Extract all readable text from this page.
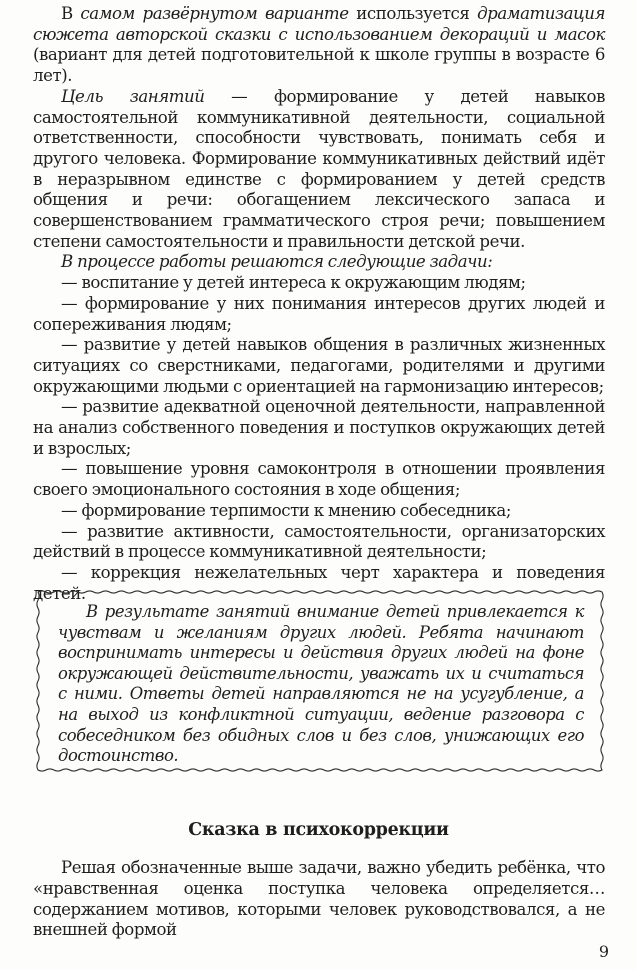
В самом развёрнутом варианте используется драматизация сюжета авторской сказки с использованием декораций и масок (вариант для детей подготовительной к школе группы в возрасте 6 лет).

Цель занятий — формирование у детей навыков самостоятельной коммуникативной деятельности, социальной ответственности, способности чувствовать, понимать себя и другого человека. Формирование коммуникативных действий идёт в неразрывном единстве с формированием у детей средств общения и речи: обогащением лексического запаса и совершенствованием грамматического строя речи; повышением степени самостоятельности и правильности детской речи.

В процессе работы решаются следующие задачи:

— воспитание у детей интереса к окружающим людям;

— формирование у них понимания интересов других людей и сопереживания людям;

— развитие у детей навыков общения в различных жизненных ситуациях со сверстниками, педагогами, родителями и другими окружающими людьми с ориентацией на гармонизацию интересов;

— развитие адекватной оценочной деятельности, направленной на анализ собственного поведения и поступков окружающих детей и взрослых;

— повышение уровня самоконтроля в отношении проявления своего эмоционального состояния в ходе общения;

— формирование терпимости к мнению собеседника;

— развитие активности, самостоятельности, организаторских действий в процессе коммуникативной деятельности;

— коррекция нежелательных черт характера и поведения детей.

В результате занятий внимание детей привлекается к чувствам и желаниям других людей. Ребята начинают воспринимать интересы и действия других людей на фоне окружающей действительности, уважать их и считаться с ними. Ответы детей направляются не на усугубление, а на выход из конфликтной ситуации, ведение разговора с собеседником без обидных слов и без слов, унижающих его достоинство.

Сказка в психокоррекции

Решая обозначенные выше задачи, важно убедить ребёнка, что «нравственная оценка поступка человека определяется… содержанием мотивов, которыми человек руководствовался, а не внешней формой

9
